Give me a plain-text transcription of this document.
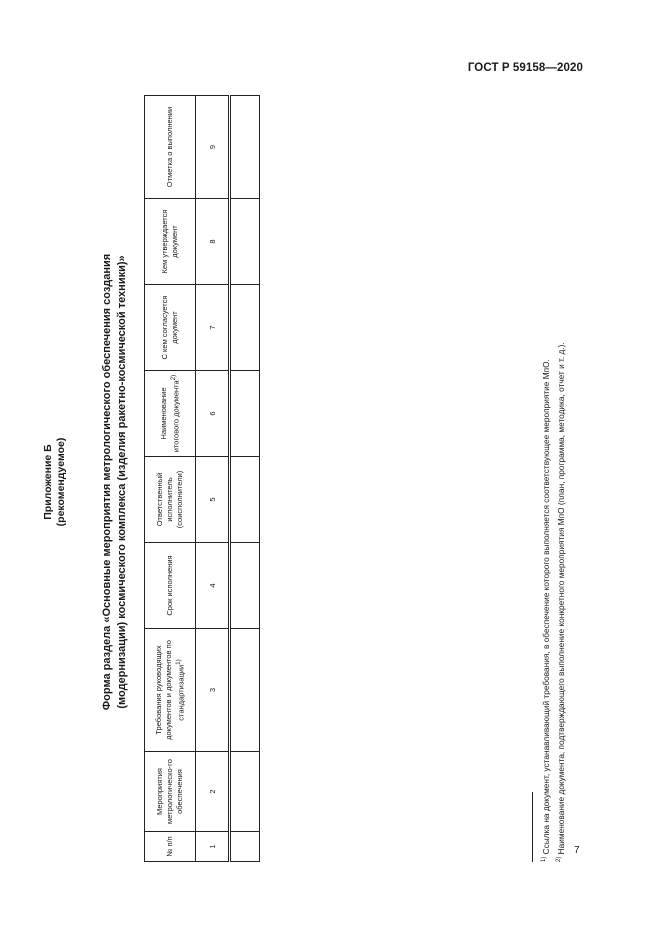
ГОСТ Р 59158—2020
Приложение Б (рекомендуемое)	Форма раздела «Основные мероприятия метрологического обеспечения создания (модернизации) космического комплекса (изделия ракетно-космической техники)»
№ п/п	Мероприятия метрологическо-го обеспечения	Требования руководящих документов и документов по стандартизации$^{1)}$	Срок исполнения	Ответственный исполнитель (соисполнители)	Наименование итогового документа$^{2)}$	С кем согласуется документ	Кем утверждается документ	Отметка о выполнении
1	2	3	4	5	6	7	8	9

$^{1)}$ Ссылка на документ, устанавливающий требования, в обеспечение которого выполняется соответствующее мероприятие МпО.
$^{2)}$ Наименование документа, подтверждающего выполнение конкретного мероприятия МпО (план, программа, методика, отчет и т. д.). 7
